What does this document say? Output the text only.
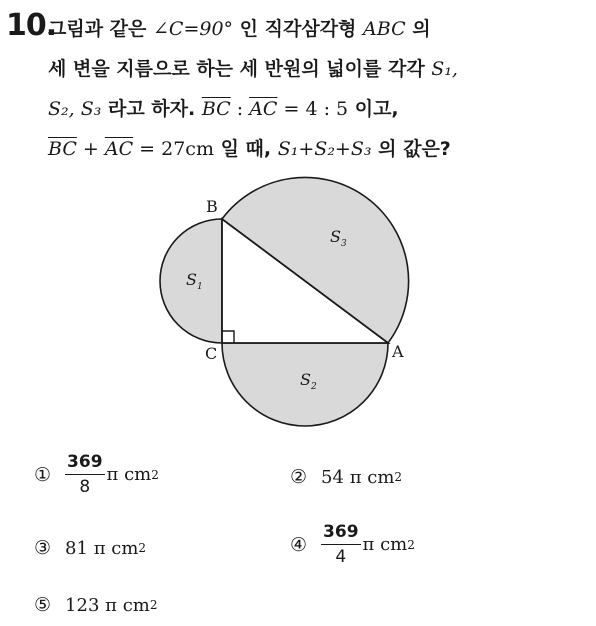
10.
그림과 같은 ∠C=90° 인 직각삼각형 ABC 의
세 변을 지름으로 하는 세 반원의 넓이를 각각 S₁,
S₂, S₃ 라고 하자. $\overline{BC}$ : $\overline{AC} = 4$ : 5 이고,
$\overline{BC} + \overline{AC} = 27cm$ 일 때, S₁+S₂+S₃ 의 값은?
B
C	A
$S_1$
$S_2$
$S_3$
① $\frac{369}{8}$ π cm 2	② 54
π cm 2
③ 81
π cm 2	④ $\frac{369}{4}$ π cm 2
⑤ 123
π cm 2
